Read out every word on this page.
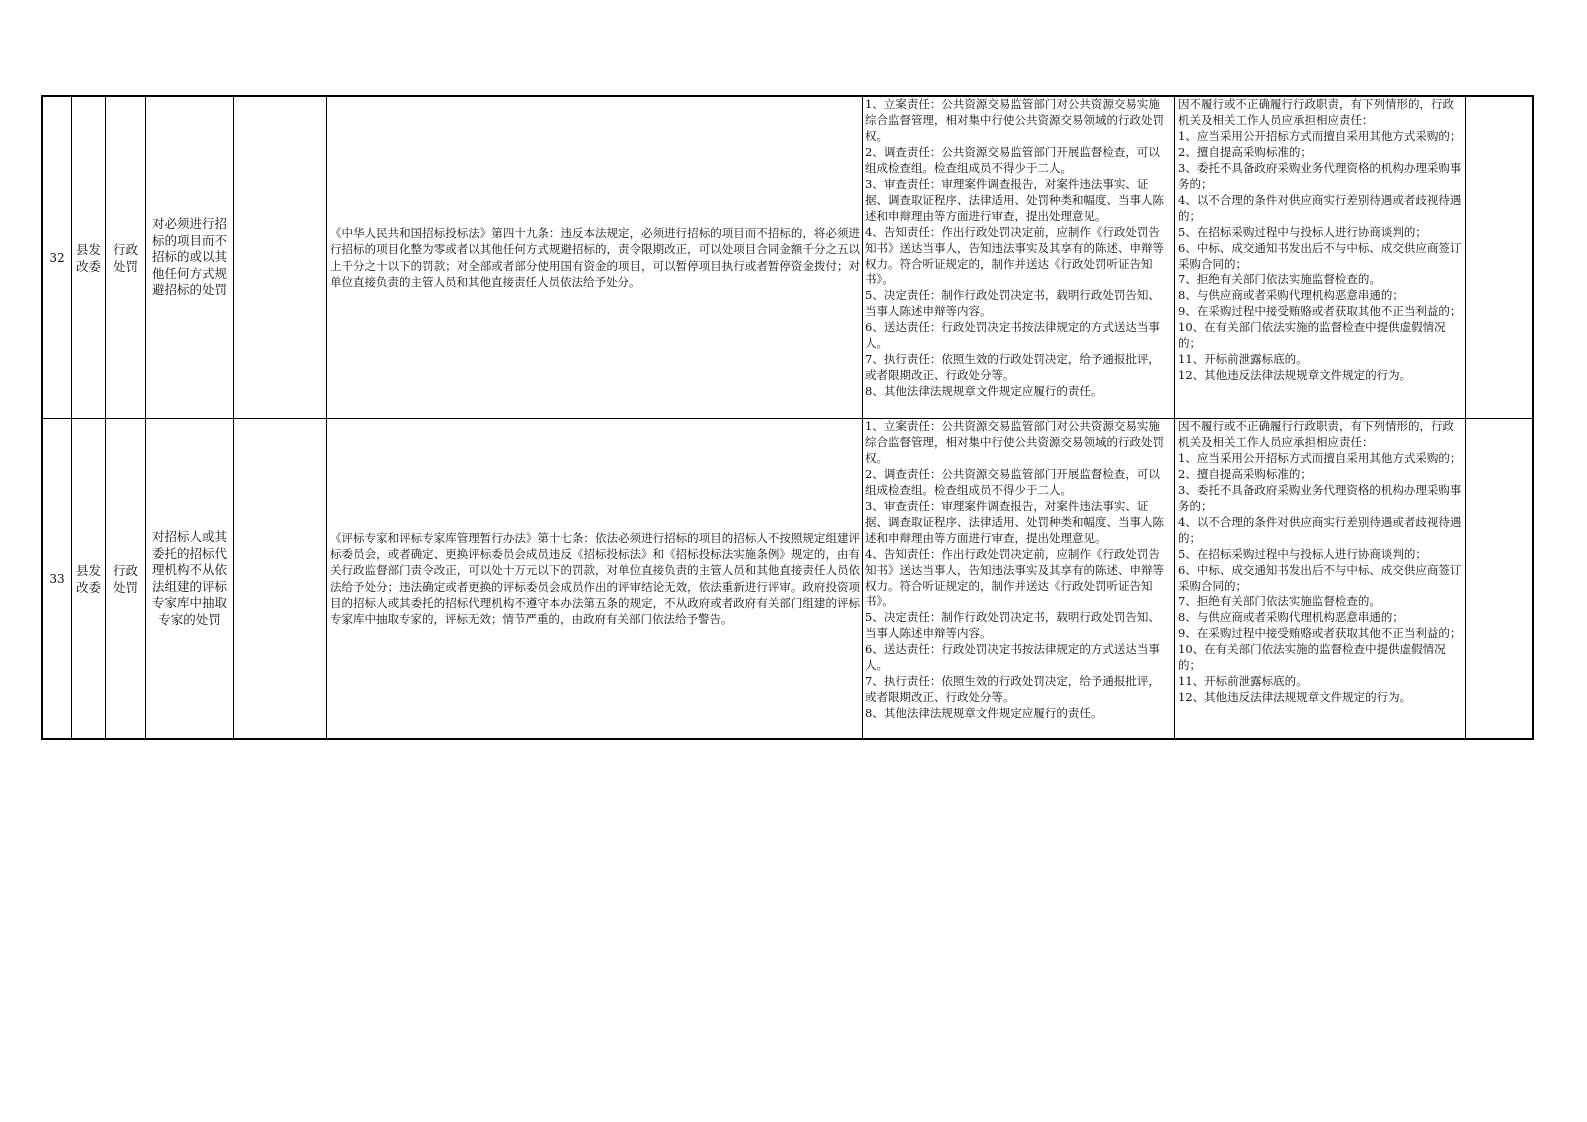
32
县发改委
行政处罚
对必须进行招标的项目而不招标的或以其他任何方式规避招标的处罚
《中华人民共和国招标投标法》第四十九条：违反本法规定，必须进行招标的项目而不招标的，将必须进行招标的项目化整为零或者以其他任何方式规避招标的，责令限期改正，可以处项目合同金额千分之五以上千分之十以下的罚款；对全部或者部分使用国有资金的项目，可以暂停项目执行或者暂停资金拨付；对单位直接负责的主管人员和其他直接责任人员依法给予处分。
1、立案责任：公共资源交易监管部门对公共资源交易实施综合监督管理，相对集中行使公共资源交易领域的行政处罚权。
2、调查责任：公共资源交易监管部门开展监督检查，可以组成检查组。检查组成员不得少于二人。
3、审查责任：审理案件调查报告，对案件违法事实、证据、调查取证程序、法律适用、处罚种类和幅度、当事人陈述和申辩理由等方面进行审查，提出处理意见。
4、告知责任：作出行政处罚决定前，应制作《行政处罚告知书》送达当事人，告知违法事实及其享有的陈述、申辩等权力。符合听证规定的，制作并送达《行政处罚听证告知书》。
5、决定责任：制作行政处罚决定书，载明行政处罚告知、当事人陈述申辩等内容。
6、送达责任：行政处罚决定书按法律规定的方式送达当事人。
7、执行责任：依照生效的行政处罚决定，给予通报批评，或者限期改正、行政处分等。
8、其他法律法规规章文件规定应履行的责任。
因不履行或不正确履行行政职责，有下列情形的，行政机关及相关工作人员应承担相应责任：
1、应当采用公开招标方式而擅自采用其他方式采购的；
2、擅自提高采购标准的；
3、委托不具备政府采购业务代理资格的机构办理采购事务的；
4、以不合理的条件对供应商实行差别待遇或者歧视待遇的；
5、在招标采购过程中与投标人进行协商谈判的；
6、中标、成交通知书发出后不与中标、成交供应商签订采购合同的；
7、拒绝有关部门依法实施监督检查的。
8、与供应商或者采购代理机构恶意串通的；
9、在采购过程中接受贿赂或者获取其他不正当利益的；
10、在有关部门依法实施的监督检查中提供虚假情况的；
11、开标前泄露标底的。
12、其他违反法律法规规章文件规定的行为。
33
县发改委
行政处罚
对招标人或其委托的招标代理机构不从依法组建的评标专家库中抽取专家的处罚
《评标专家和评标专家库管理暂行办法》第十七条：依法必须进行招标的项目的招标人不按照规定组建评标委员会，或者确定、更换评标委员会成员违反《招标投标法》和《招标投标法实施条例》规定的，由有关行政监督部门责令改正，可以处十万元以下的罚款，对单位直接负责的主管人员和其他直接责任人员依法给予处分；违法确定或者更换的评标委员会成员作出的评审结论无效，依法重新进行评审。政府投资项目的招标人或其委托的招标代理机构不遵守本办法第五条的规定，不从政府或者政府有关部门组建的评标专家库中抽取专家的，评标无效；情节严重的，由政府有关部门依法给予警告。
1、立案责任：公共资源交易监管部门对公共资源交易实施综合监督管理，相对集中行使公共资源交易领域的行政处罚权。
2、调查责任：公共资源交易监管部门开展监督检查，可以组成检查组。检查组成员不得少于二人。
3、审查责任：审理案件调查报告，对案件违法事实、证据、调查取证程序、法律适用、处罚种类和幅度、当事人陈述和申辩理由等方面进行审查，提出处理意见。
4、告知责任：作出行政处罚决定前，应制作《行政处罚告知书》送达当事人，告知违法事实及其享有的陈述、申辩等权力。符合听证规定的，制作并送达《行政处罚听证告知书》。
5、决定责任：制作行政处罚决定书，载明行政处罚告知、当事人陈述申辩等内容。
6、送达责任：行政处罚决定书按法律规定的方式送达当事人。
7、执行责任：依照生效的行政处罚决定，给予通报批评，或者限期改正、行政处分等。
8、其他法律法规规章文件规定应履行的责任。
因不履行或不正确履行行政职责，有下列情形的，行政机关及相关工作人员应承担相应责任：
1、应当采用公开招标方式而擅自采用其他方式采购的；
2、擅自提高采购标准的；
3、委托不具备政府采购业务代理资格的机构办理采购事务的；
4、以不合理的条件对供应商实行差别待遇或者歧视待遇的；
5、在招标采购过程中与投标人进行协商谈判的；
6、中标、成交通知书发出后不与中标、成交供应商签订采购合同的；
7、拒绝有关部门依法实施监督检查的。
8、与供应商或者采购代理机构恶意串通的；
9、在采购过程中接受贿赂或者获取其他不正当利益的；
10、在有关部门依法实施的监督检查中提供虚假情况的；
11、开标前泄露标底的。
12、其他违反法律法规规章文件规定的行为。
